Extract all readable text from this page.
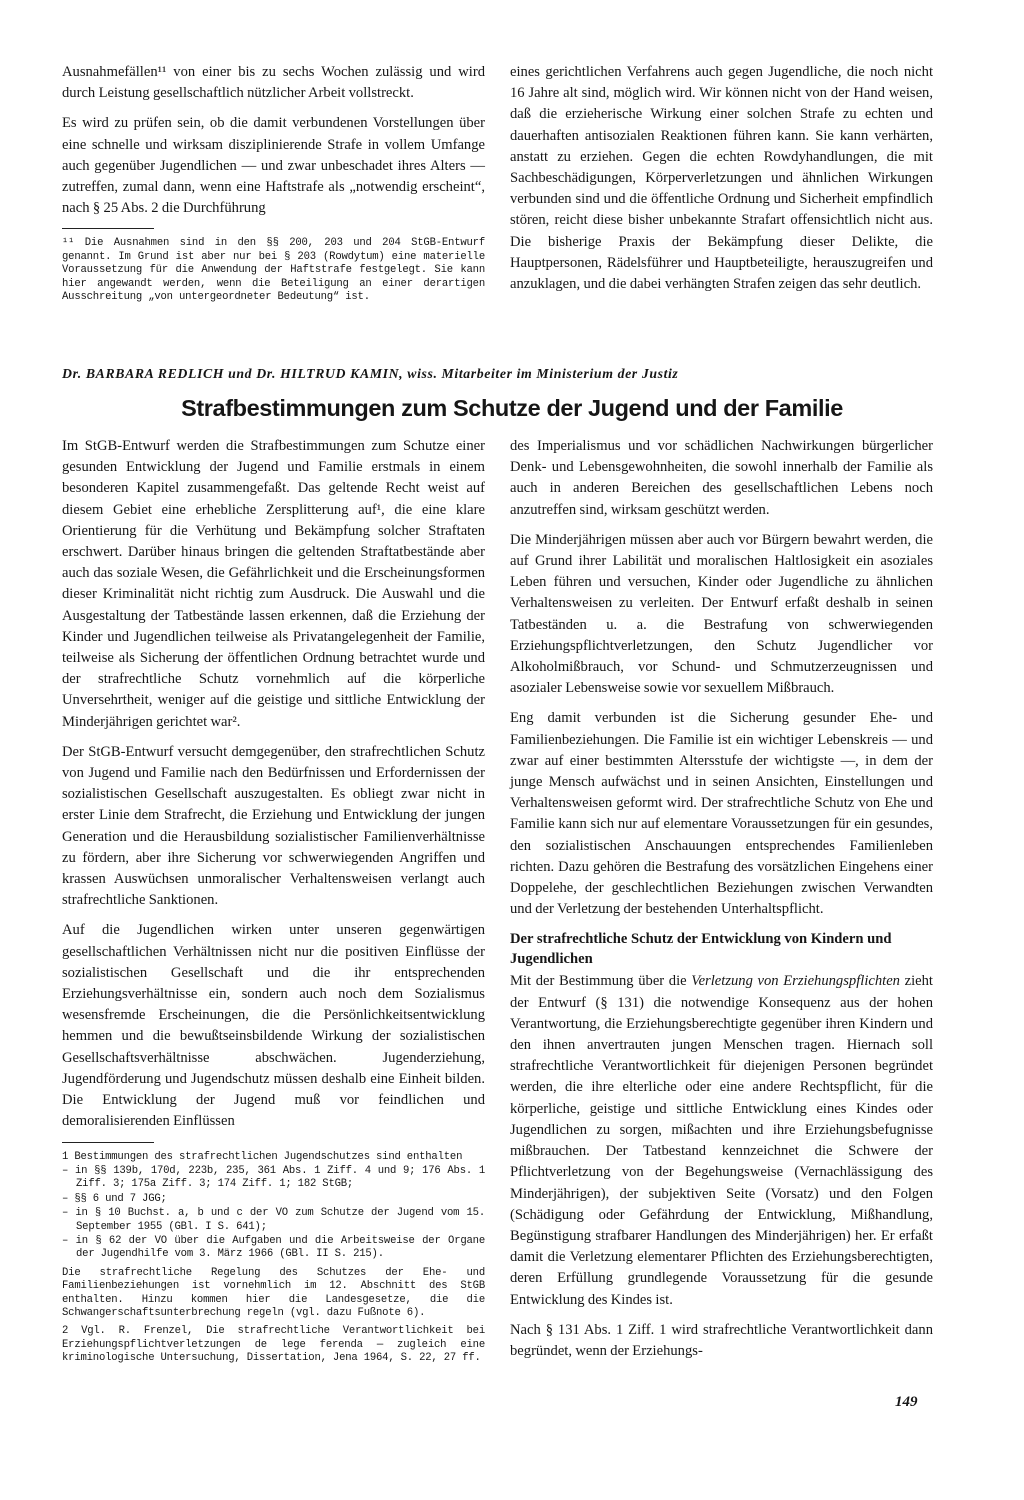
Ausnahmefällen¹¹ von einer bis zu sechs Wochen zulässig und wird durch Leistung gesellschaftlich nützlicher Arbeit vollstreckt.

Es wird zu prüfen sein, ob die damit verbundenen Vorstellungen über eine schnelle und wirksam disziplinierende Strafe in vollem Umfange auch gegenüber Jugendlichen — und zwar unbeschadet ihres Alters — zutreffen, zumal dann, wenn eine Haftstrafe als „notwendig erscheint“, nach § 25 Abs. 2 die Durchführung

¹¹ Die Ausnahmen sind in den §§ 200, 203 und 204 StGB-Entwurf genannt. Im Grund ist aber nur bei § 203 (Rowdytum) eine materielle Voraussetzung für die Anwendung der Haftstrafe festgelegt. Sie kann hier angewandt werden, wenn die Beteiligung an einer derartigen Ausschreitung „von untergeordneter Bedeutung“ ist.

eines gerichtlichen Verfahrens auch gegen Jugendliche, die noch nicht 16 Jahre alt sind, möglich wird. Wir können nicht von der Hand weisen, daß die erzieherische Wirkung einer solchen Strafe zu echten und dauerhaften antisozialen Reaktionen führen kann. Sie kann verhärten, anstatt zu erziehen. Gegen die echten Rowdyhandlungen, die mit Sachbeschädigungen, Körperverletzungen und ähnlichen Wirkungen verbunden sind und die öffentliche Ordnung und Sicherheit empfindlich stören, reicht diese bisher unbekannte Strafart offensichtlich nicht aus. Die bisherige Praxis der Bekämpfung dieser Delikte, die Hauptpersonen, Rädelsführer und Hauptbeteiligte, herauszugreifen und anzuklagen, und die dabei verhängten Strafen zeigen das sehr deutlich.

Dr. BARBARA REDLICH und Dr. HILTRUD KAMIN, wiss. Mitarbeiter im Ministerium der Justiz
Strafbestimmungen zum Schutze der Jugend und der Familie

Im StGB-Entwurf werden die Strafbestimmungen zum Schutze einer gesunden Entwicklung der Jugend und Familie erstmals in einem besonderen Kapitel zusammengefaßt. Das geltende Recht weist auf diesem Gebiet eine erhebliche Zersplitterung auf¹, die eine klare Orientierung für die Verhütung und Bekämpfung solcher Straftaten erschwert. Darüber hinaus bringen die geltenden Straftatbestände aber auch das soziale Wesen, die Gefährlichkeit und die Erscheinungsformen dieser Kriminalität nicht richtig zum Ausdruck. Die Auswahl und die Ausgestaltung der Tatbestände lassen erkennen, daß die Erziehung der Kinder und Jugendlichen teilweise als Privatangelegenheit der Familie, teilweise als Sicherung der öffentlichen Ordnung betrachtet wurde und der strafrechtliche Schutz vornehmlich auf die körperliche Unversehrtheit, weniger auf die geistige und sittliche Entwicklung der Minderjährigen gerichtet war².

Der StGB-Entwurf versucht demgegenüber, den strafrechtlichen Schutz von Jugend und Familie nach den Bedürfnissen und Erfordernissen der sozialistischen Gesellschaft auszugestalten. Es obliegt zwar nicht in erster Linie dem Strafrecht, die Erziehung und Entwicklung der jungen Generation und die Herausbildung sozialistischer Familienverhältnisse zu fördern, aber ihre Sicherung vor schwerwiegenden Angriffen und krassen Auswüchsen unmoralischer Verhaltensweisen verlangt auch strafrechtliche Sanktionen.

Auf die Jugendlichen wirken unter unseren gegenwärtigen gesellschaftlichen Verhältnissen nicht nur die positiven Einflüsse der sozialistischen Gesellschaft und die ihr entsprechenden Erziehungsverhältnisse ein, sondern auch noch dem Sozialismus wesensfremde Erscheinungen, die die Persönlichkeitsentwicklung hemmen und die bewußtseinsbildende Wirkung der sozialistischen Gesellschaftsverhältnisse abschwächen. Jugenderziehung, Jugendförderung und Jugendschutz müssen deshalb eine Einheit bilden. Die Entwicklung der Jugend muß vor feindlichen und demoralisierenden Einflüssen

1 Bestimmungen des strafrechtlichen Jugendschutzes sind enthalten

– in §§ 139b, 170d, 223b, 235, 361 Abs. 1 Ziff. 4 und 9; 176 Abs. 1 Ziff. 3; 175a Ziff. 3; 174 Ziff. 1; 182 StGB;

– §§ 6 und 7 JGG;

– in § 10 Buchst. a, b und c der VO zum Schutze der Jugend vom 15. September 1955 (GBl. I S. 641);

– in § 62 der VO über die Aufgaben und die Arbeitsweise der Organe der Jugendhilfe vom 3. März 1966 (GBl. II S. 215).

Die strafrechtliche Regelung des Schutzes der Ehe- und Familienbeziehungen ist vornehmlich im 12. Abschnitt des StGB enthalten. Hinzu kommen hier die Landesgesetze, die die Schwangerschaftsunterbrechung regeln (vgl. dazu Fußnote 6).

2 Vgl. R. Frenzel, Die strafrechtliche Verantwortlichkeit bei Erziehungspflichtverletzungen de lege ferenda — zugleich eine kriminologische Untersuchung, Dissertation, Jena 1964, S. 22, 27 ff.

des Imperialismus und vor schädlichen Nachwirkungen bürgerlicher Denk- und Lebensgewohnheiten, die sowohl innerhalb der Familie als auch in anderen Bereichen des gesellschaftlichen Lebens noch anzutreffen sind, wirksam geschützt werden.

Die Minderjährigen müssen aber auch vor Bürgern bewahrt werden, die auf Grund ihrer Labilität und moralischen Haltlosigkeit ein asoziales Leben führen und versuchen, Kinder oder Jugendliche zu ähnlichen Verhaltensweisen zu verleiten. Der Entwurf erfaßt deshalb in seinen Tatbeständen u. a. die Bestrafung von schwerwiegenden Erziehungspflichtverletzungen, den Schutz Jugendlicher vor Alkoholmißbrauch, vor Schund- und Schmutzerzeugnissen und asozialer Lebensweise sowie vor sexuellem Mißbrauch.

Eng damit verbunden ist die Sicherung gesunder Ehe- und Familienbeziehungen. Die Familie ist ein wichtiger Lebenskreis — und zwar auf einer bestimmten Altersstufe der wichtigste —, in dem der junge Mensch aufwächst und in seinen Ansichten, Einstellungen und Verhaltensweisen geformt wird. Der strafrechtliche Schutz von Ehe und Familie kann sich nur auf elementare Voraussetzungen für ein gesundes, den sozialistischen Anschauungen entsprechendes Familienleben richten. Dazu gehören die Bestrafung des vorsätzlichen Eingehens einer Doppelehe, der geschlechtlichen Beziehungen zwischen Verwandten und der Verletzung der bestehenden Unterhaltspflicht.

Der strafrechtliche Schutz der Entwicklung von Kindern und Jugendlichen

Mit der Bestimmung über die Verletzung von Erziehungspflichten zieht der Entwurf (§ 131) die notwendige Konsequenz aus der hohen Verantwortung, die Erziehungsberechtigte gegenüber ihren Kindern und den ihnen anvertrauten jungen Menschen tragen. Hiernach soll strafrechtliche Verantwortlichkeit für diejenigen Personen begründet werden, die ihre elterliche oder eine andere Rechtspflicht, für die körperliche, geistige und sittliche Entwicklung eines Kindes oder Jugendlichen zu sorgen, mißachten und ihre Erziehungsbefugnisse mißbrauchen. Der Tatbestand kennzeichnet die Schwere der Pflichtverletzung von der Begehungsweise (Vernachlässigung des Minderjährigen), der subjektiven Seite (Vorsatz) und den Folgen (Schädigung oder Gefährdung der Entwicklung, Mißhandlung, Begünstigung strafbarer Handlungen des Minderjährigen) her. Er erfaßt damit die Verletzung elementarer Pflichten des Erziehungsberechtigten, deren Erfüllung grundlegende Voraussetzung für die gesunde Entwicklung des Kindes ist.

Nach § 131 Abs. 1 Ziff. 1 wird strafrechtliche Verantwortlichkeit dann begründet, wenn der Erziehungs-

149
